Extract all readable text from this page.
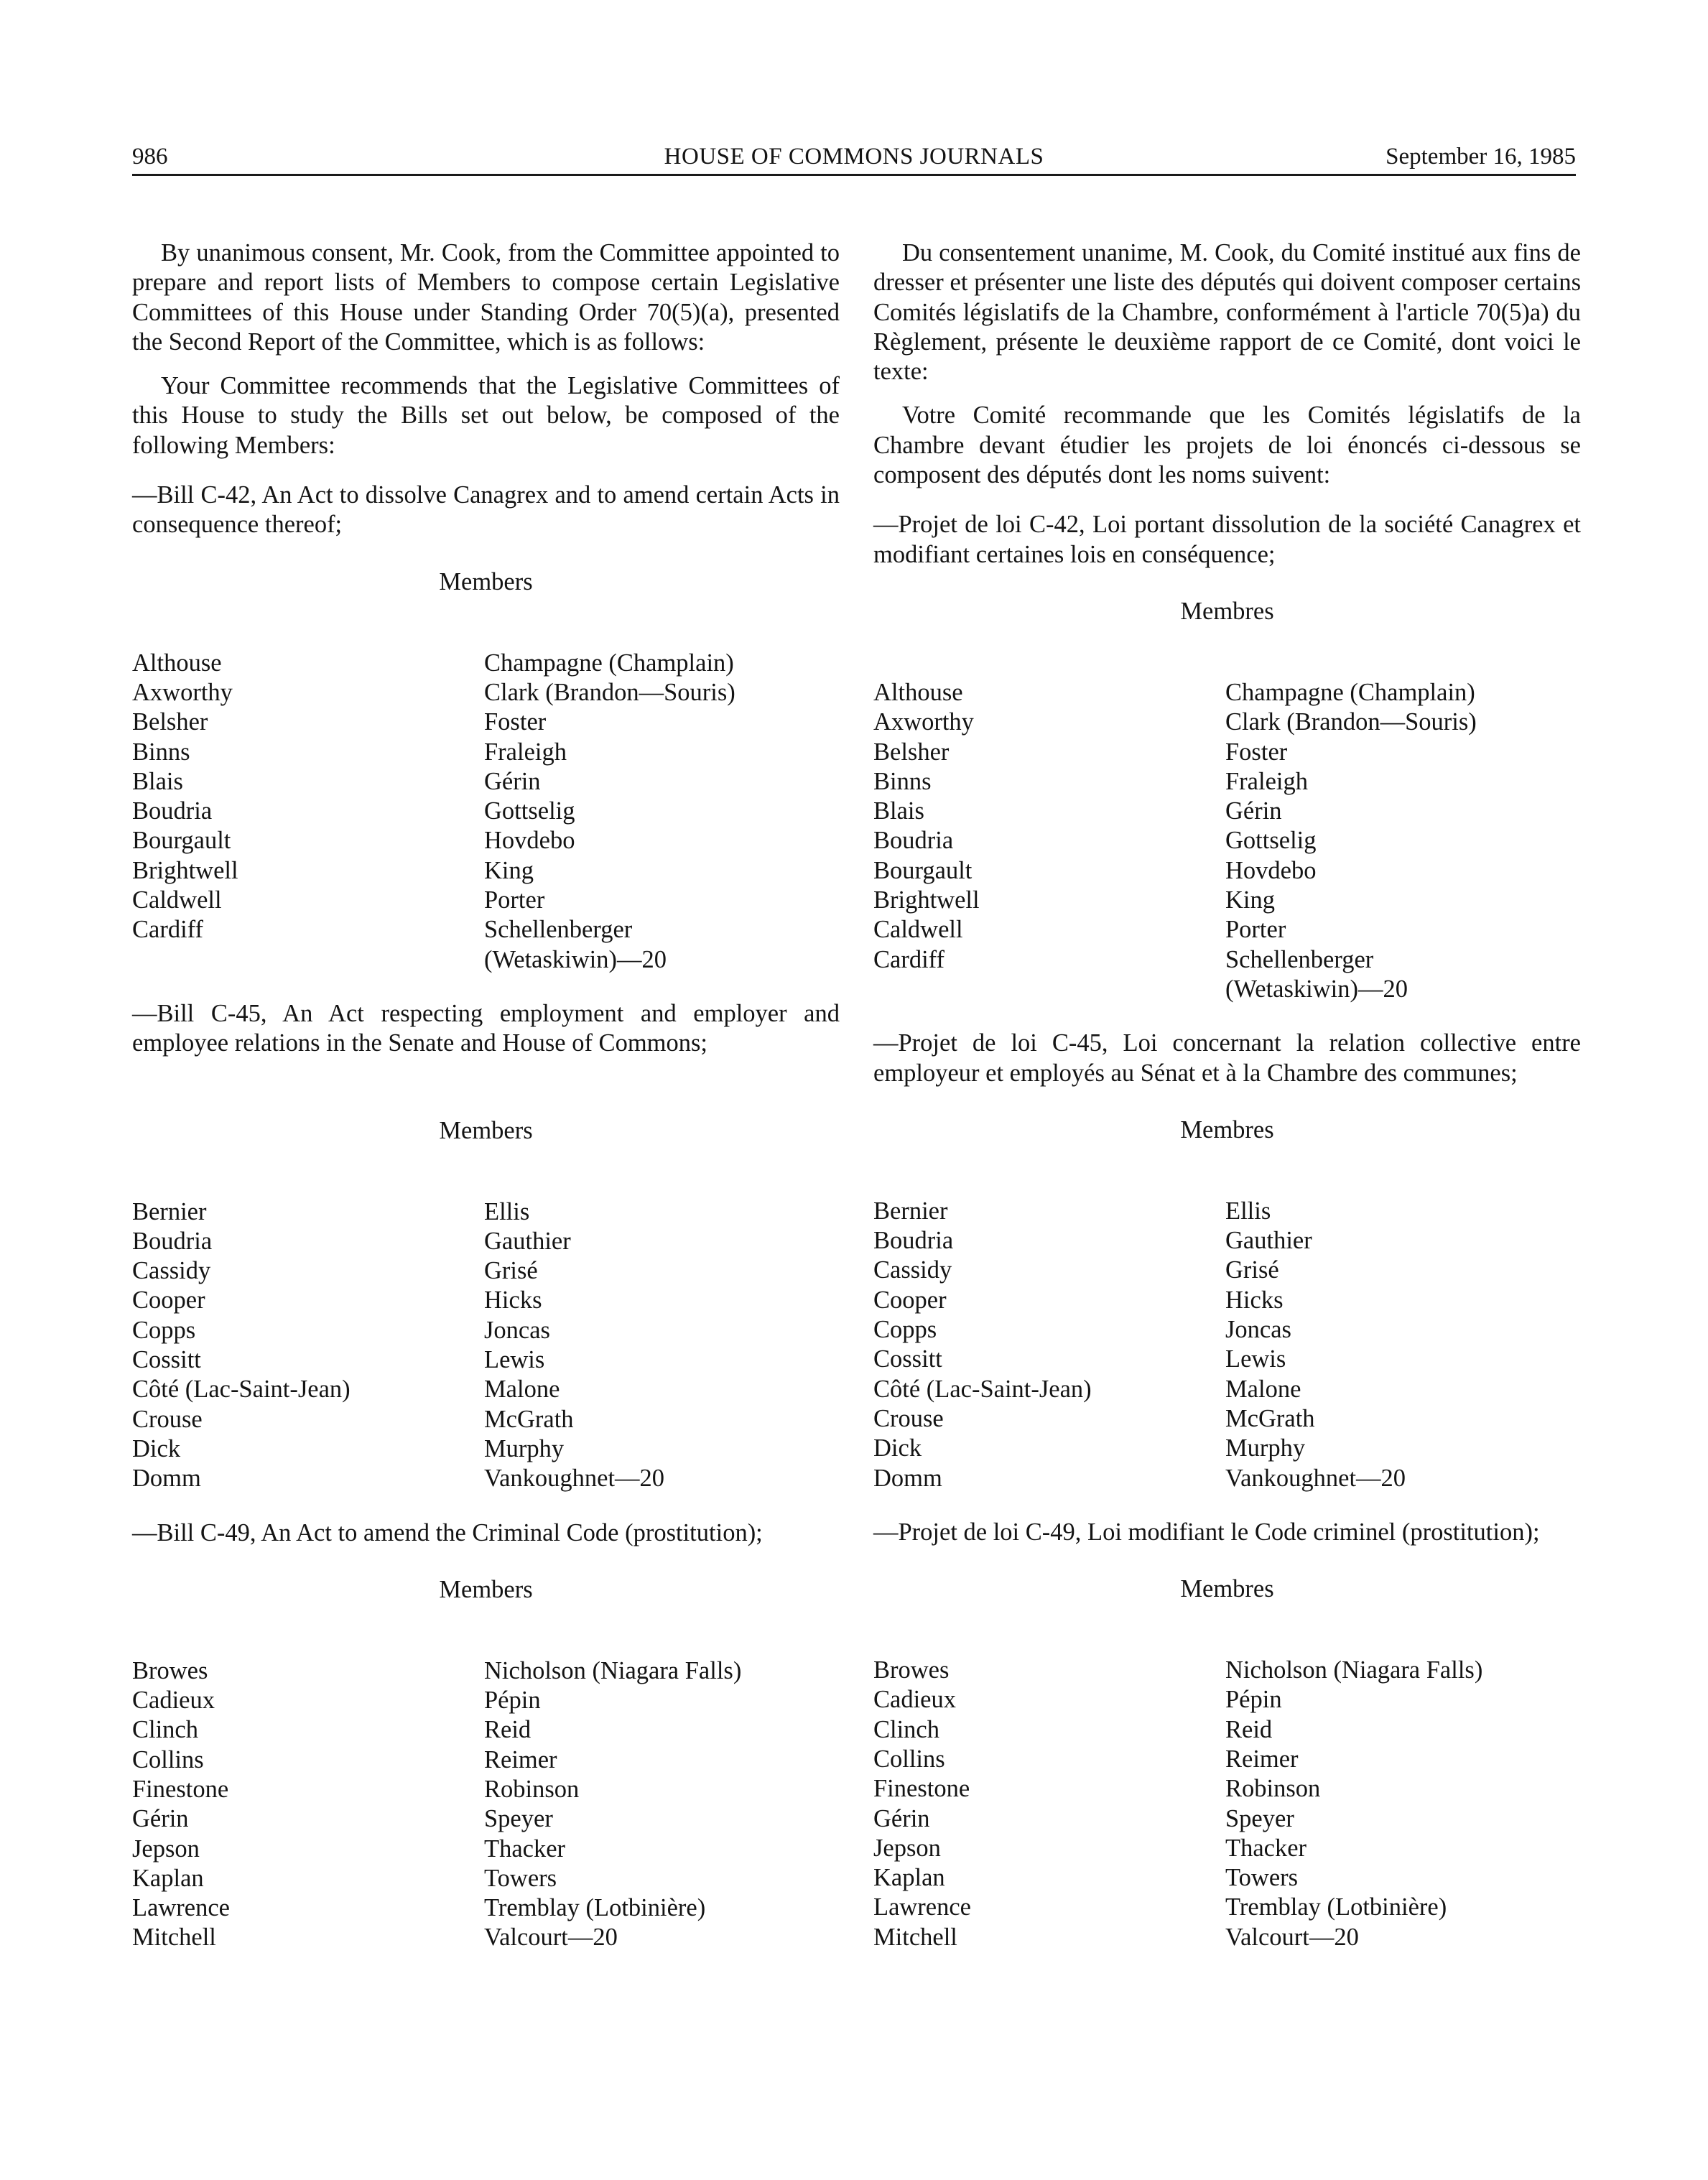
986	HOUSE OF COMMONS JOURNALS	September 16, 1985

By unanimous consent, Mr. Cook, from the Committee appointed to prepare and report lists of Members to compose certain Legislative Committees of this House under Standing Order 70(5)(a), presented the Second Report of the Committee, which is as follows:

Your Committee recommends that the Legislative Committees of this House to study the Bills set out below, be composed of the following Members:

—Bill C-42, An Act to dissolve Canagrex and to amend certain Acts in consequence thereof;

Members
Althouse
Axworthy
Belsher
Binns
Blais
Boudria
Bourgault
Brightwell
Caldwell
Cardiff
Champagne (Champlain)
Clark (Brandon—Souris)
Foster
Fraleigh
Gérin
Gottselig
Hovdebo
King
Porter
Schellenberger (Wetaskiwin)—20

—Bill C-45, An Act respecting employment and employer and employee relations in the Senate and House of Commons;

Members
Bernier
Boudria
Cassidy
Cooper
Copps
Cossitt
Côté (Lac-Saint-Jean)
Crouse
Dick
Domm
Ellis
Gauthier
Grisé
Hicks
Joncas
Lewis
Malone
McGrath
Murphy
Vankoughnet—20

—Bill C-49, An Act to amend the Criminal Code (prostitution);

Members
Browes
Cadieux
Clinch
Collins
Finestone
Gérin
Jepson
Kaplan
Lawrence
Mitchell
Nicholson (Niagara Falls)
Pépin
Reid
Reimer
Robinson
Speyer
Thacker
Towers
Tremblay (Lotbinière)
Valcourt—20

Du consentement unanime, M. Cook, du Comité institué aux fins de dresser et présenter une liste des députés qui doivent composer certains Comités législatifs de la Chambre, conformément à l'article 70(5)a) du Règlement, présente le deuxième rapport de ce Comité, dont voici le texte:

Votre Comité recommande que les Comités législatifs de la Chambre devant étudier les projets de loi énoncés ci-dessous se composent des députés dont les noms suivent:

—Projet de loi C-42, Loi portant dissolution de la société Canagrex et modifiant certaines lois en conséquence;

Membres
Althouse
Axworthy
Belsher
Binns
Blais
Boudria
Bourgault
Brightwell
Caldwell
Cardiff
Champagne (Champlain)
Clark (Brandon—Souris)
Foster
Fraleigh
Gérin
Gottselig
Hovdebo
King
Porter
Schellenberger (Wetaskiwin)—20

—Projet de loi C-45, Loi concernant la relation collective entre employeur et employés au Sénat et à la Chambre des communes;

Membres
Bernier
Boudria
Cassidy
Cooper
Copps
Cossitt
Côté (Lac-Saint-Jean)
Crouse
Dick
Domm
Ellis
Gauthier
Grisé
Hicks
Joncas
Lewis
Malone
McGrath
Murphy
Vankoughnet—20

—Projet de loi C-49, Loi modifiant le Code criminel (prostitution);

Membres
Browes
Cadieux
Clinch
Collins
Finestone
Gérin
Jepson
Kaplan
Lawrence
Mitchell
Nicholson (Niagara Falls)
Pépin
Reid
Reimer
Robinson
Speyer
Thacker
Towers
Tremblay (Lotbinière)
Valcourt—20
